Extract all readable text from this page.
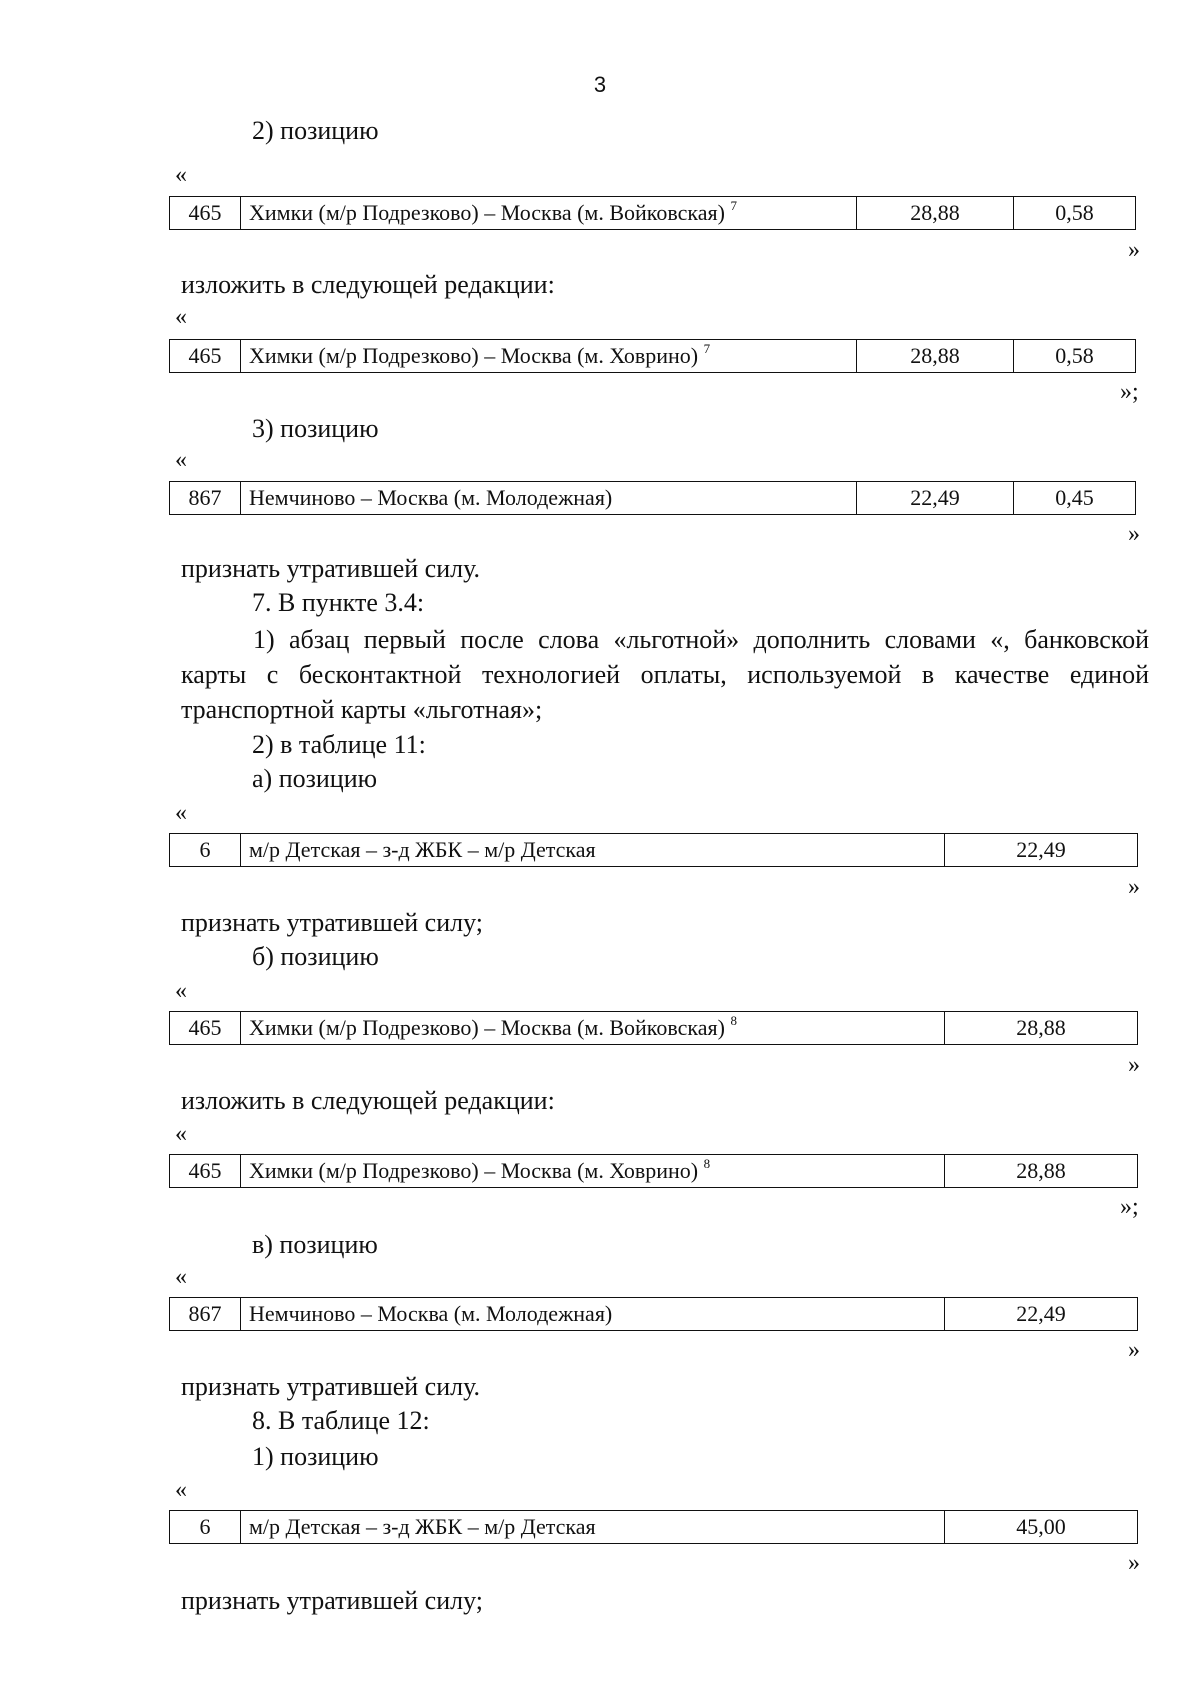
3

2) позицию

«

465	Химки (м/р Подрезково) – Москва (м. Войковская) $^7$	28,88	0,58

»

изложить в следующей редакции:

«

465	Химки (м/р Подрезково) – Москва (м. Ховрино) $^7$	28,88	0,58

»;

3) позицию

«

867	Немчиново – Москва (м. Молодежная)	22,49	0,45

»

признать утратившей силу.

7. В пункте 3.4:

1) абзац первый после слова «льготной» дополнить словами «, банковской карты с бесконтактной технологией оплаты, используемой в качестве единой транспортной карты «льготная»;

2) в таблице 11:

а) позицию

«

6	м/р Детская – з-д ЖБК – м/р Детская	22,49

»

признать утратившей силу;

б) позицию

«

465	Химки (м/р Подрезково) – Москва (м. Войковская) $^8$	28,88

»

изложить в следующей редакции:

«

465	Химки (м/р Подрезково) – Москва (м. Ховрино) $^8$	28,88

»;

в) позицию

«

867	Немчиново – Москва (м. Молодежная)	22,49

»

признать утратившей силу.

8. В таблице 12:

1) позицию

«

6	м/р Детская – з-д ЖБК – м/р Детская	45,00

»

признать утратившей силу;
